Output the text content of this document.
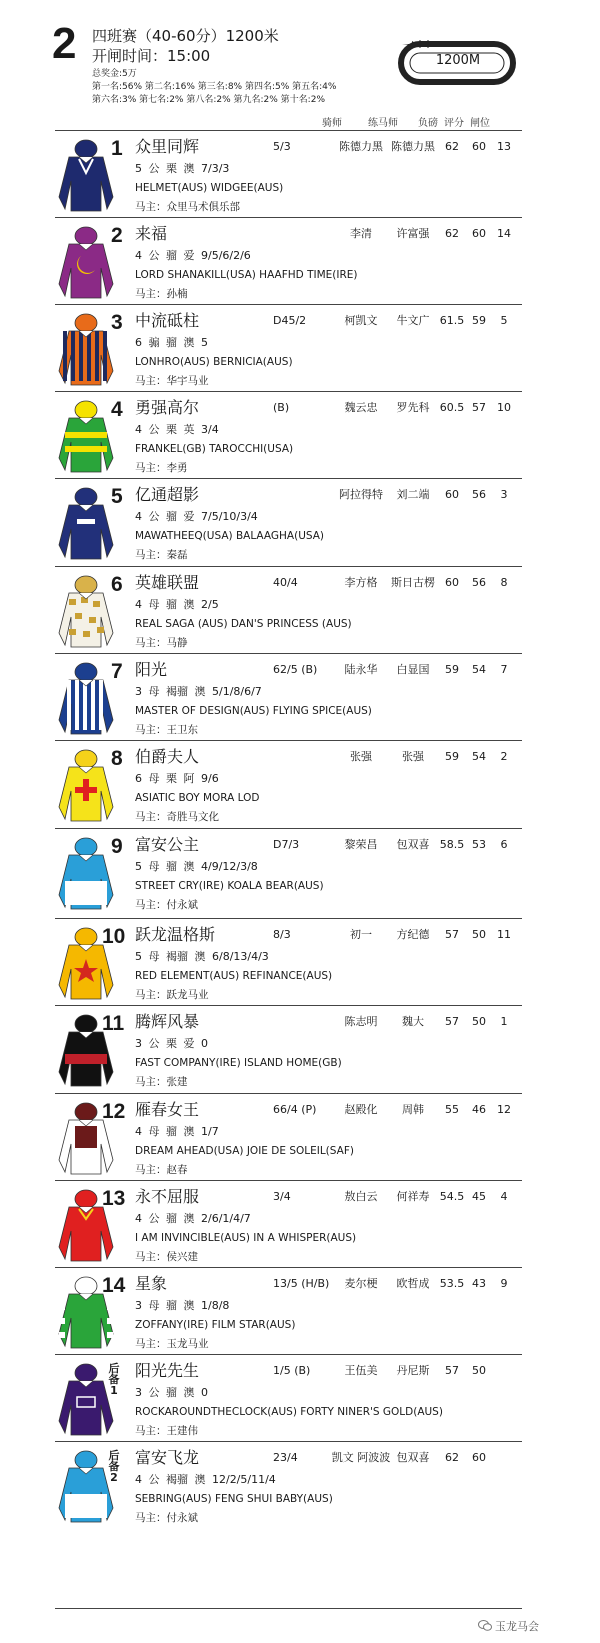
2 四班赛（40-60分）1200米
开闸时间：15:00
总奖金:5万
第一名:56% 第二名:16% 第三名:8% 第四名:5% 第五名:4%
第六名:3% 第七名:2% 第八名:2% 第九名:2% 第十名:2%
1200M
骑师	练马师 负磅 评分 闸位
1 众里同辉	5/3	陈德力黑 陈德力黑 62	60	13
5 公 栗 澳 7/3/3
HELMET(AUS) WIDGEE(AUS)
马主：众里马术俱乐部
2 来福	李清	许富强	62	60	14
4 公 骝 爱 9/5/6/2/6
LORD SHANAKILL(USA) HAAFHD TIME(IRE)
马主：孙楠
3 中流砥柱	D45/2	柯凯文	牛文广 61.5 59	5
6 骟 骝 澳 5
LONHRO(AUS) BERNICIA(AUS)
马主：华宇马业
4 勇强高尔	(B)	魏云忠	罗先科 60.5 57	10
4 公 栗 英 3/4
FRANKEL(GB) TAROCCHI(USA)
马主：李勇
5 亿通超影	阿拉得特	刘二端	60	56	3
4 公 骝 爱 7/5/10/3/4
MAWATHEEQ(USA) BALAAGHA(USA)
马主：秦磊
6 英雄联盟	40/4	李方格	斯日古楞 60	56	8
4 母 骝 澳 2/5
REAL SAGA (AUS) DAN'S PRINCESS (AUS)
马主：马静
7 阳光	62/5 (B)	陆永华	白显国	59	54	7
3 母 褐骝 澳 5/1/8/6/7
MASTER OF DESIGN(AUS) FLYING SPICE(AUS)
马主：王卫东
8 伯爵夫人	张强	张强	59	54	2
6 母 栗 阿 9/6
ASIATIC BOY MORA LOD
马主：奇胜马文化
9 富安公主	D7/3	黎荣昌	包双喜 58.5 53	6
5 母 骝 澳 4/9/12/3/8
STREET CRY(IRE) KOALA BEAR(AUS)
马主：付永斌
10 跃龙温格斯	8/3	初一	方纪德	57	50	11
5 母 褐骝 澳 6/8/13/4/3
RED ELEMENT(AUS) REFINANCE(AUS)
马主：跃龙马业
11 腾辉风暴	陈志明	魏大	57	50	1
3 公 栗 爱 0
FAST COMPANY(IRE) ISLAND HOME(GB)
马主：张建
12 雁春女王	66/4 (P)	赵殿化	周韩	55	46	12
4 母 骝 澳 1/7
DREAM AHEAD(USA) JOIE DE SOLEIL(SAF)
马主：赵春
13 永不屈服	3/4	敖白云	何祥寿 54.5 45	4
4 公 骝 澳 2/6/1/4/7
I AM INVINCIBLE(AUS) IN A WHISPER(AUS)
马主：侯兴建
14 星象	13/5 (H/B)	麦尔梗	欧哲成 53.5 43	9
3 母 骝 澳 1/8/8
ZOFFANY(IRE) FILM STAR(AUS)
马主：玉龙马业
后
备
1
阳光先生	1/5 (B)	王伍美	丹尼斯	57	50
3 公 骝 澳 0
ROCKAROUNDTHECLOCK(AUS) FORTY NINER'S GOLD(AUS)
马主：王建伟
后
备
2
富安飞龙	23/4	凯文 阿波波 包双喜	62	60
4 公 褐骝 澳 12/2/5/11/4
SEBRING(AUS) FENG SHUI BABY(AUS)
马主：付永斌
玉龙马会
